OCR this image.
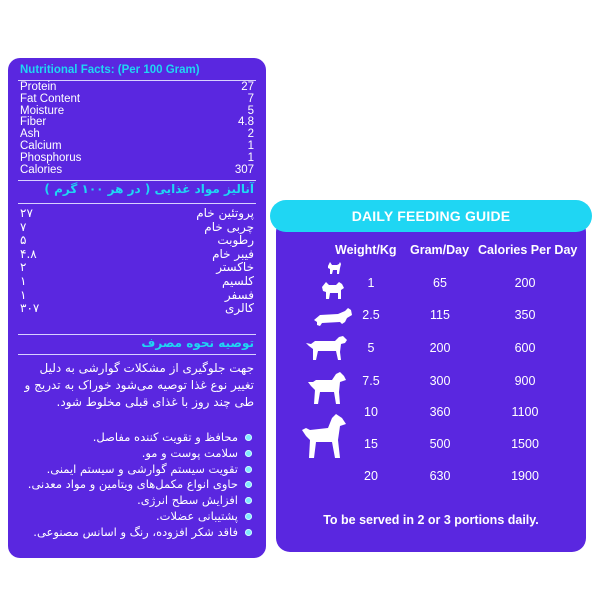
Nutritional Facts: (Per 100 Gram)
Protein	27
Fat Content	7
Moisture	5
Fiber	4.8
Ash	2
Calcium	1
Phosphorus	1
Calories	307
آنالیز مواد غذایی ( در هر ۱۰۰ گرم )
۲۷	پروتئین خام
۷	چربی خام
۵	رطوبت
۴.۸	فیبر خام
۲	خاکستر
۱	کلسیم
۱	فسفر
۳۰۷	کالری
توصیه نحوه مصرف
جهت جلوگیری از مشکلات گوارشی به دلیل تغییر نوع غذا توصیه می‌شود خوراک به تدریج و طی چند روز با غذای قبلی مخلوط شود.
محافظ و تقویت کننده مفاصل.
سلامت پوست و مو.
تقویت سیستم گوارشی و سیستم ایمنی.
حاوی انواع مکمل‌های ویتامین و مواد معدنی.
افزایش سطح انرژی.
پشتیبانی عضلات.
فاقد شکر افزوده، رنگ و اسانس مصنوعی.
DAILY FEEDING GUIDE
Weight/Kg Gram/Day Calories Per Day
1	65	200
2.5	115	350
5	200	600
7.5	300	900
10	360	1100
15	500	1500
20	630	1900
To be served in 2 or 3 portions daily.
